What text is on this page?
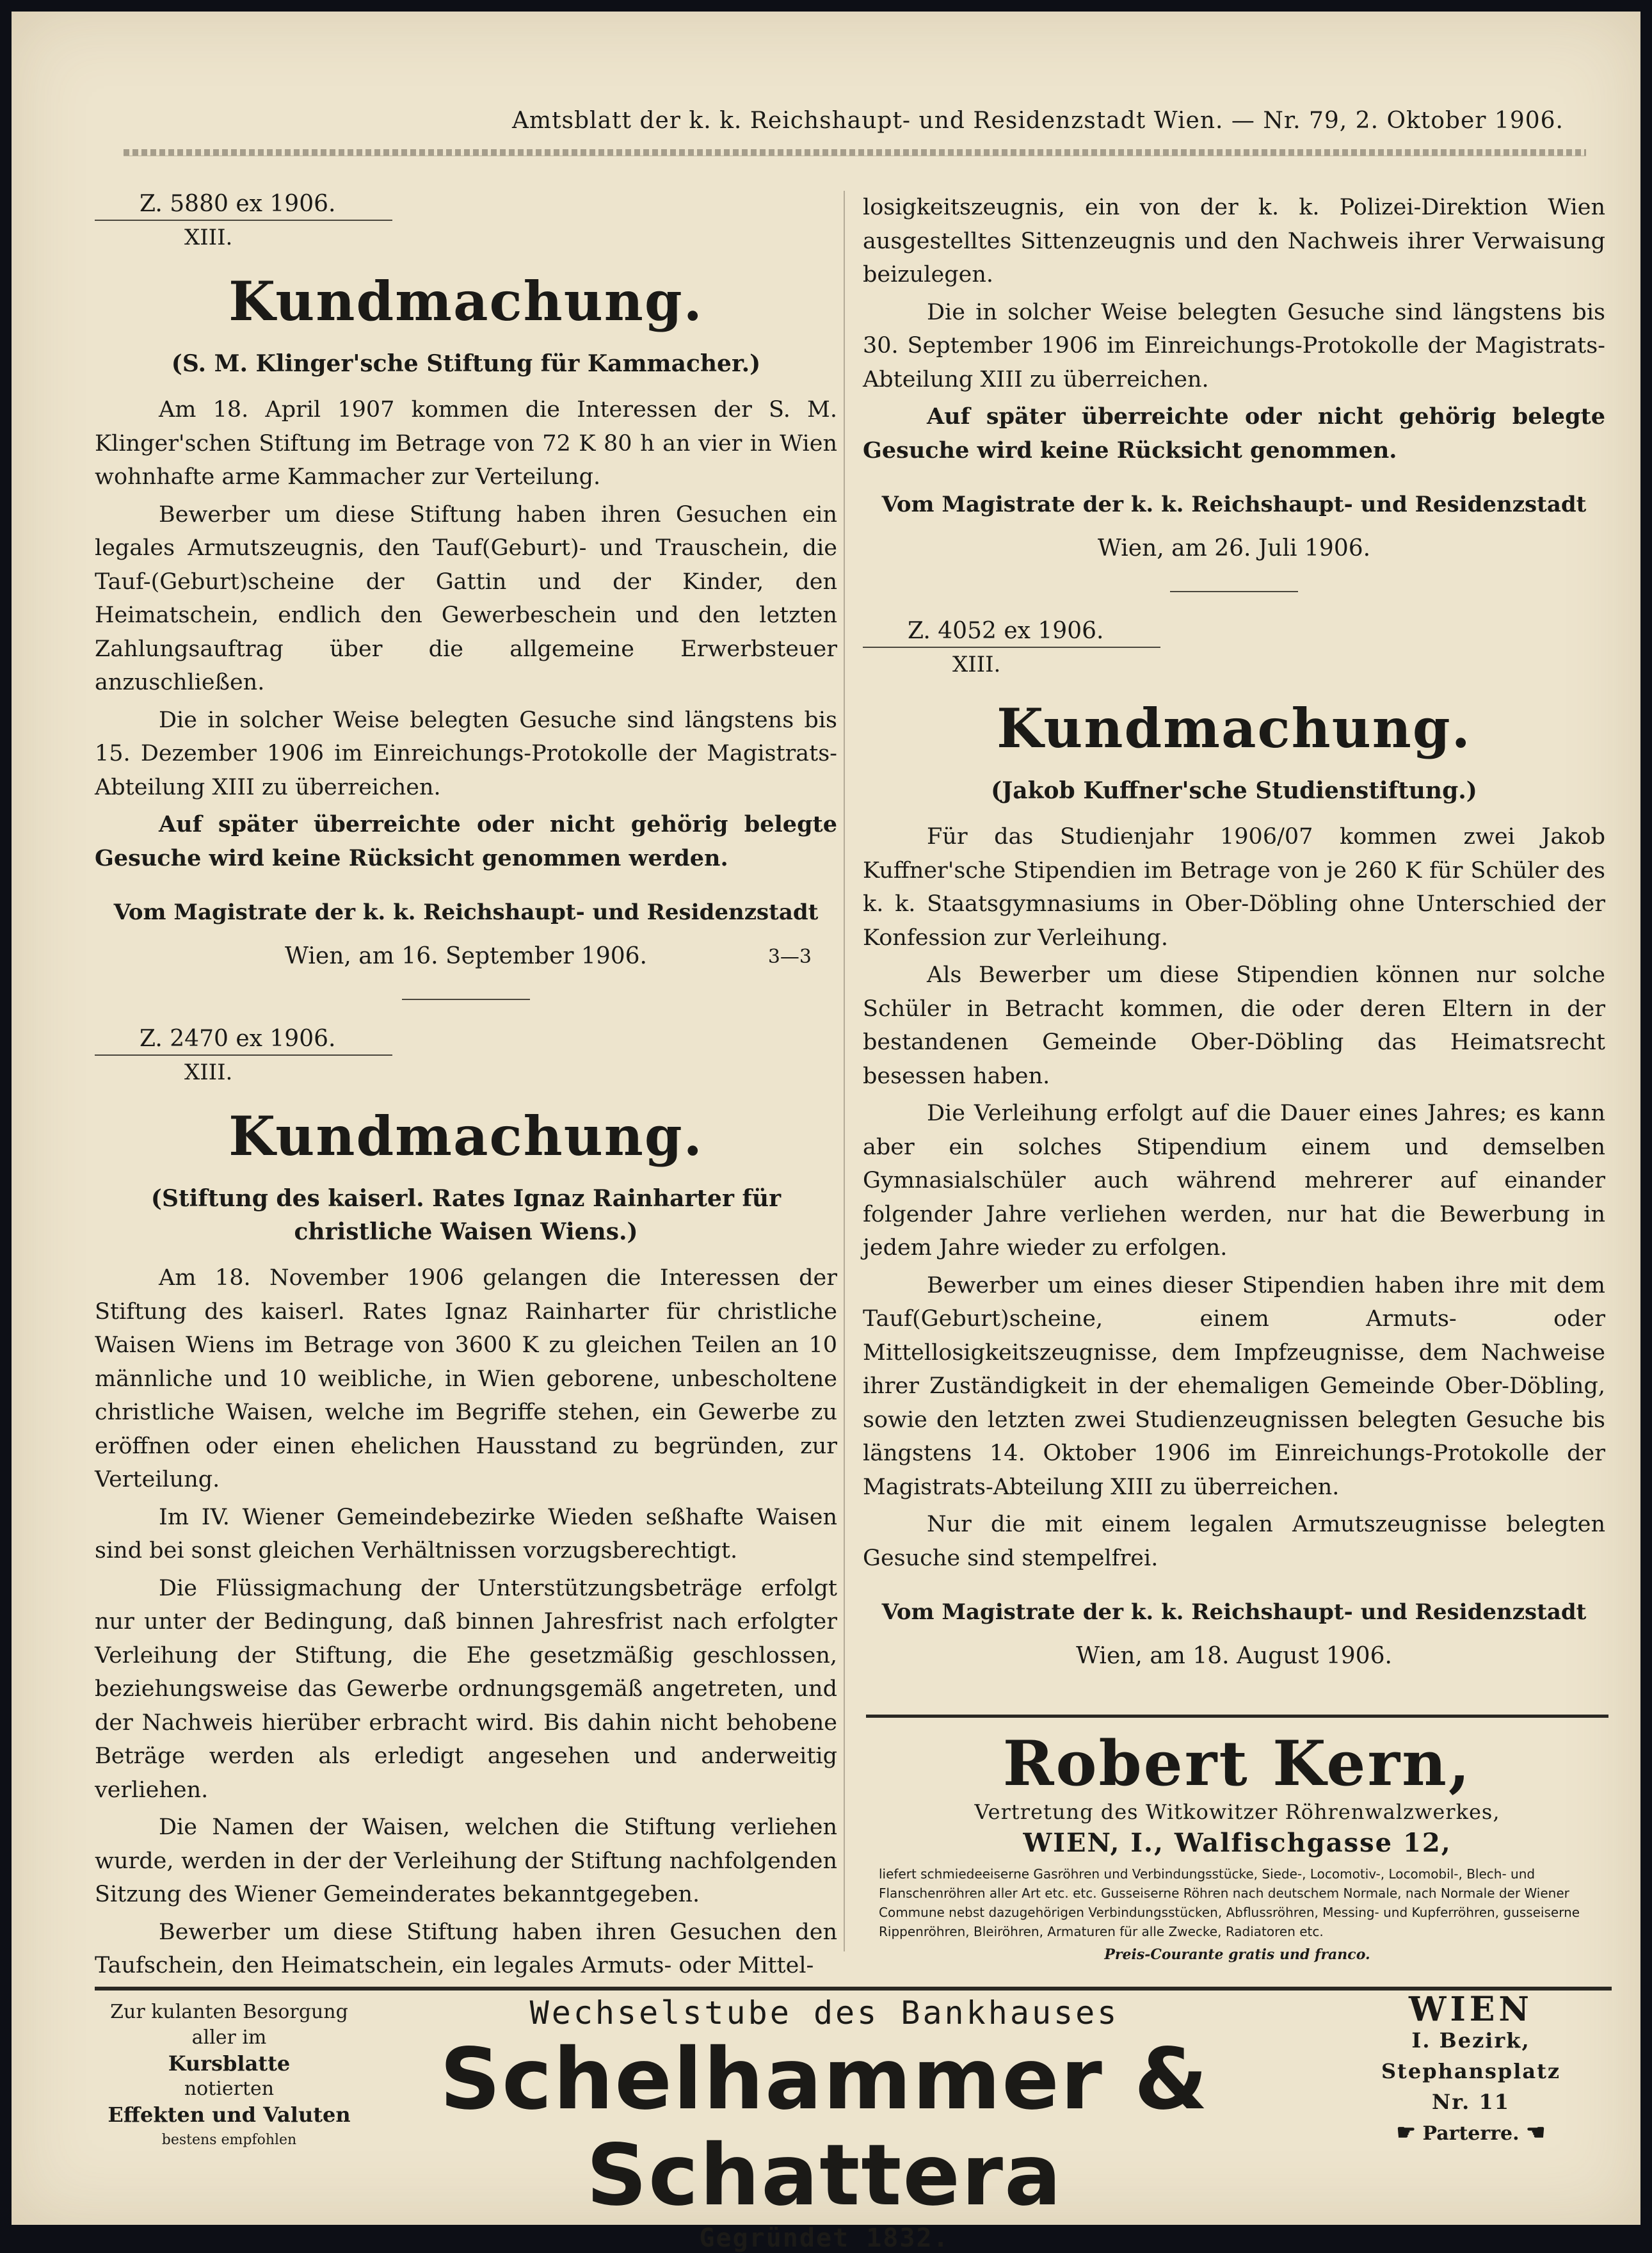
Amtsblatt der k. k. Reichshaupt- und Residenzstadt Wien. — Nr. 79, 2. Oktober 1906.
Z. 5880 ex 1906.
XIII.
Kundmachung.
(S. M. Klinger'sche Stiftung für Kammacher.)

Am 18. April 1907 kommen die Interessen der S. M. Klinger'schen Stiftung im Betrage von 72 K 80 h an vier in Wien wohnhafte arme Kammacher zur Verteilung.

Bewerber um diese Stiftung haben ihren Gesuchen ein legales Armutszeugnis, den Tauf(Geburt)- und Trauschein, die Tauf-(Geburt)scheine der Gattin und der Kinder, den Heimatschein, endlich den Gewerbeschein und den letzten Zahlungsauftrag über die allgemeine Erwerbsteuer anzuschließen.

Die in solcher Weise belegten Gesuche sind längstens bis 15. Dezember 1906 im Einreichungs-Protokolle der Magistrats-Abteilung XIII zu überreichen.

Auf später überreichte oder nicht gehörig belegte Gesuche wird keine Rücksicht genommen werden.

Vom Magistrate der k. k. Reichshaupt- und Residenzstadt
Wien, am 16. September 1906.	3—3
Z. 2470 ex 1906.
XIII.
Kundmachung.
(Stiftung des kaiserl. Rates Ignaz Rainharter für christliche Waisen Wiens.)

Am 18. November 1906 gelangen die Interessen der Stiftung des kaiserl. Rates Ignaz Rainharter für christliche Waisen Wiens im Betrage von 3600 K zu gleichen Teilen an 10 männliche und 10 weibliche, in Wien geborene, unbescholtene christliche Waisen, welche im Begriffe stehen, ein Gewerbe zu eröffnen oder einen ehelichen Hausstand zu begründen, zur Verteilung.

Im IV. Wiener Gemeindebezirke Wieden seßhafte Waisen sind bei sonst gleichen Verhältnissen vorzugsberechtigt.

Die Flüssigmachung der Unterstützungsbeträge erfolgt nur unter der Bedingung, daß binnen Jahresfrist nach erfolgter Verleihung der Stiftung, die Ehe gesetzmäßig geschlossen, beziehungsweise das Gewerbe ordnungsgemäß angetreten, und der Nachweis hierüber erbracht wird. Bis dahin nicht behobene Beträge werden als erledigt angesehen und anderweitig verliehen.

Die Namen der Waisen, welchen die Stiftung verliehen wurde, werden in der der Verleihung der Stiftung nachfolgenden Sitzung des Wiener Gemeinderates bekanntgegeben.

Bewerber um diese Stiftung haben ihren Gesuchen den Taufschein, den Heimatschein, ein legales Armuts- oder Mittel-

losigkeitszeugnis, ein von der k. k. Polizei-Direktion Wien ausgestelltes Sittenzeugnis und den Nachweis ihrer Verwaisung beizulegen.

Die in solcher Weise belegten Gesuche sind längstens bis 30. September 1906 im Einreichungs-Protokolle der Magistrats-Abteilung XIII zu überreichen.

Auf später überreichte oder nicht gehörig belegte Gesuche wird keine Rücksicht genommen.

Vom Magistrate der k. k. Reichshaupt- und Residenzstadt
Wien, am 26. Juli 1906.
Z. 4052 ex 1906.
XIII.
Kundmachung.
(Jakob Kuffner'sche Studienstiftung.)

Für das Studienjahr 1906/07 kommen zwei Jakob Kuffner'sche Stipendien im Betrage von je 260 K für Schüler des k. k. Staatsgymnasiums in Ober-Döbling ohne Unterschied der Konfession zur Verleihung.

Als Bewerber um diese Stipendien können nur solche Schüler in Betracht kommen, die oder deren Eltern in der bestandenen Gemeinde Ober-Döbling das Heimatsrecht besessen haben.

Die Verleihung erfolgt auf die Dauer eines Jahres; es kann aber ein solches Stipendium einem und demselben Gymnasialschüler auch während mehrerer auf einander folgender Jahre verliehen werden, nur hat die Bewerbung in jedem Jahre wieder zu erfolgen.

Bewerber um eines dieser Stipendien haben ihre mit dem Tauf(Geburt)scheine, einem Armuts- oder Mittellosigkeitszeugnisse, dem Impfzeugnisse, dem Nachweise ihrer Zuständigkeit in der ehemaligen Gemeinde Ober-Döbling, sowie den letzten zwei Studienzeugnissen belegten Gesuche bis längstens 14. Oktober 1906 im Einreichungs-Protokolle der Magistrats-Abteilung XIII zu überreichen.

Nur die mit einem legalen Armutszeugnisse belegten Gesuche sind stempelfrei.

Vom Magistrate der k. k. Reichshaupt- und Residenzstadt
Wien, am 18. August 1906.
Robert Kern,
Vertretung des Witkowitzer Röhrenwalzwerkes,
WIEN, I., Walfischgasse 12,
liefert schmiedeeiserne Gasröhren und Verbindungsstücke, Siede-, Locomotiv-, Locomobil-, Blech- und Flanschenröhren aller Art etc. etc. Gusseiserne Röhren nach deutschem Normale, nach Normale der Wiener Commune nebst dazugehörigen Verbindungsstücken, Abflussröhren, Messing- und Kupferröhren, gusseiserne Rippenröhren, Bleiröhren, Armaturen für alle Zwecke, Radiatoren etc.
Preis-Courante gratis und franco.
Zur kulanten Besorgung
aller im
Kursblatte
notierten
Effekten und Valuten
bestens empfohlen
Wechselstube des Bankhauses
Schelhammer & Schattera
Gegründet 1832.
WIEN
I. Bezirk,
Stephansplatz
Nr. 11
☛ Parterre. ☚
